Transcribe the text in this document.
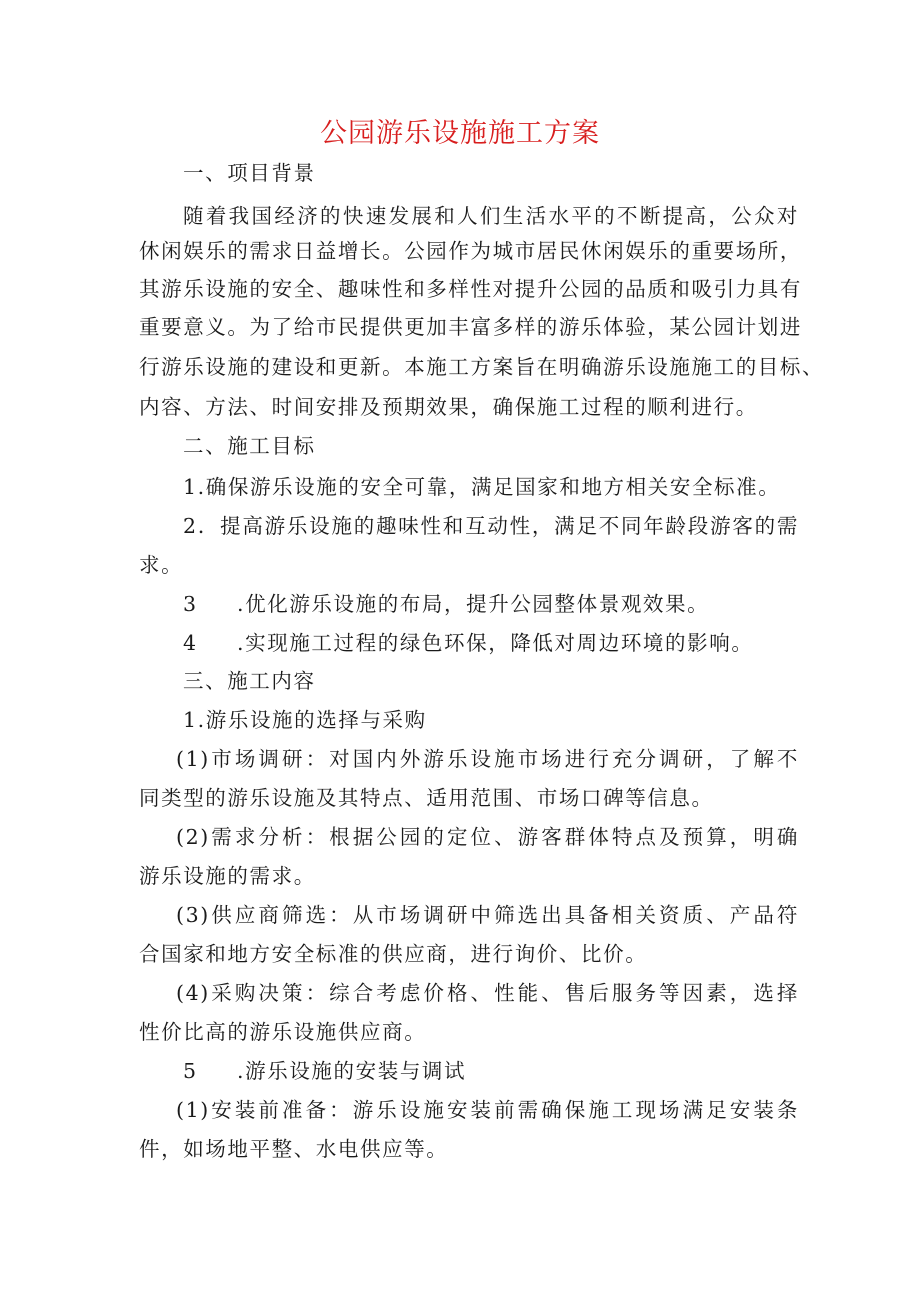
公园游乐设施施工方案
一、项目背景
随着我国经济的快速发展和人们生活水平的不断提高，公众对
休闲娱乐的需求日益增长。公园作为城市居民休闲娱乐的重要场所，
其游乐设施的安全、趣味性和多样性对提升公园的品质和吸引力具有
重要意义。为了给市民提供更加丰富多样的游乐体验，某公园计划进
行游乐设施的建设和更新。本施工方案旨在明确游乐设施施工的目标、
内容、方法、时间安排及预期效果，确保施工过程的顺利进行。
二、施工目标
1.确保游乐设施的安全可靠，满足国家和地方相关安全标准。
2．提高游乐设施的趣味性和互动性，满足不同年龄段游客的需
求。
3 .优化游乐设施的布局，提升公园整体景观效果。
4 .实现施工过程的绿色环保，降低对周边环境的影响。
三、施工内容
1.游乐设施的选择与采购
(1)市场调研：对国内外游乐设施市场进行充分调研，了解不
同类型的游乐设施及其特点、适用范围、市场口碑等信息。
(2)需求分析：根据公园的定位、游客群体特点及预算，明确
游乐设施的需求。
(3)供应商筛选：从市场调研中筛选出具备相关资质、产品符
合国家和地方安全标准的供应商，进行询价、比价。
(4)采购决策：综合考虑价格、性能、售后服务等因素，选择
性价比高的游乐设施供应商。
5 .游乐设施的安装与调试
(1)安装前准备：游乐设施安装前需确保施工现场满足安装条
件，如场地平整、水电供应等。
